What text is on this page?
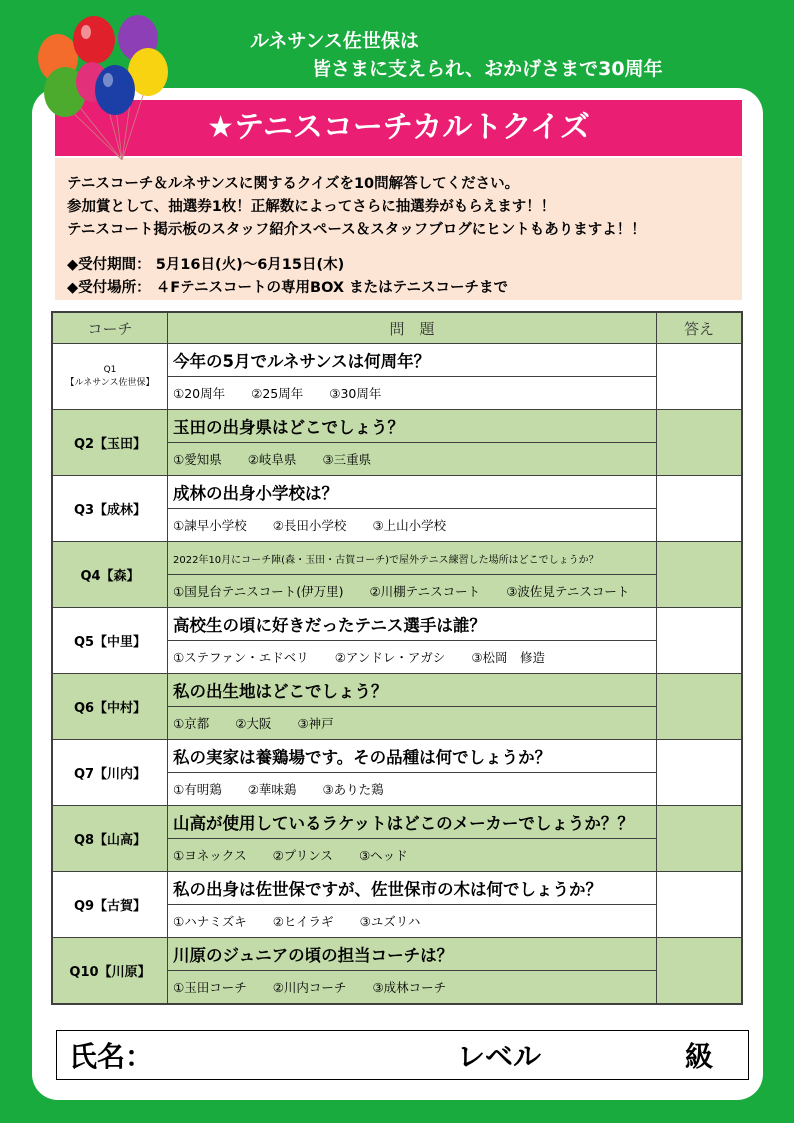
ルネサンス佐世保は
皆さまに支えられ、おかげさまで30周年
★テニスコーチカルトクイズ
テニスコーチ＆ルネサンスに関するクイズを10問解答してください。
参加賞として、抽選券1枚！正解数によってさらに抽選券がもらえます！！
テニスコート掲示板のスタッフ紹介スペース＆スタッフブログにヒントもありますよ！！
◆受付期間： 5月16日(火)～6月15日(木)
◆受付場所： ４Fテニスコートの専用BOX またはテニスコーチまで
コーチ	問　題	答え

Q1
【ルネサンス佐世保】	今年の5月でルネサンスは何周年？	
	①20周年 ②25周年 ③30周年	
Q2【玉田】	玉田の出身県はどこでしょう？	
	①愛知県 ②岐阜県 ③三重県	
Q3【成林】	成林の出身小学校は？	
	①諫早小学校 ②長田小学校 ③上山小学校	
Q4【森】	2022年10月にコーチ陣(森・玉田・古賀コーチ)で屋外テニス練習した場所はどこでしょうか？	
	①国見台テニスコート(伊万里) ②川棚テニスコート ③波佐見テニスコート	
Q5【中里】	高校生の頃に好きだったテニス選手は誰？	
	①ステファン・エドベリ ②アンドレ・アガシ ③松岡　修造	
Q6【中村】	私の出生地はどこでしょう？	
	①京都 ②大阪 ③神戸	
Q7【川内】	私の実家は養鶏場です。その品種は何でしょうか？	
	①有明鶏 ②華味鶏 ③ありた鶏	
Q8【山高】	山高が使用しているラケットはどこのメーカーでしょうか？？	
	①ヨネックス ②プリンス ③ヘッド	
Q9【古賀】	私の出身は佐世保ですが、佐世保市の木は何でしょうか？	
	①ハナミズキ ②ヒイラギ ③ユズリハ	
Q10【川原】	川原のジュニアの頃の担当コーチは？	
	①玉田コーチ ②川内コーチ ③成林コーチ	
氏名：	レベル	級
